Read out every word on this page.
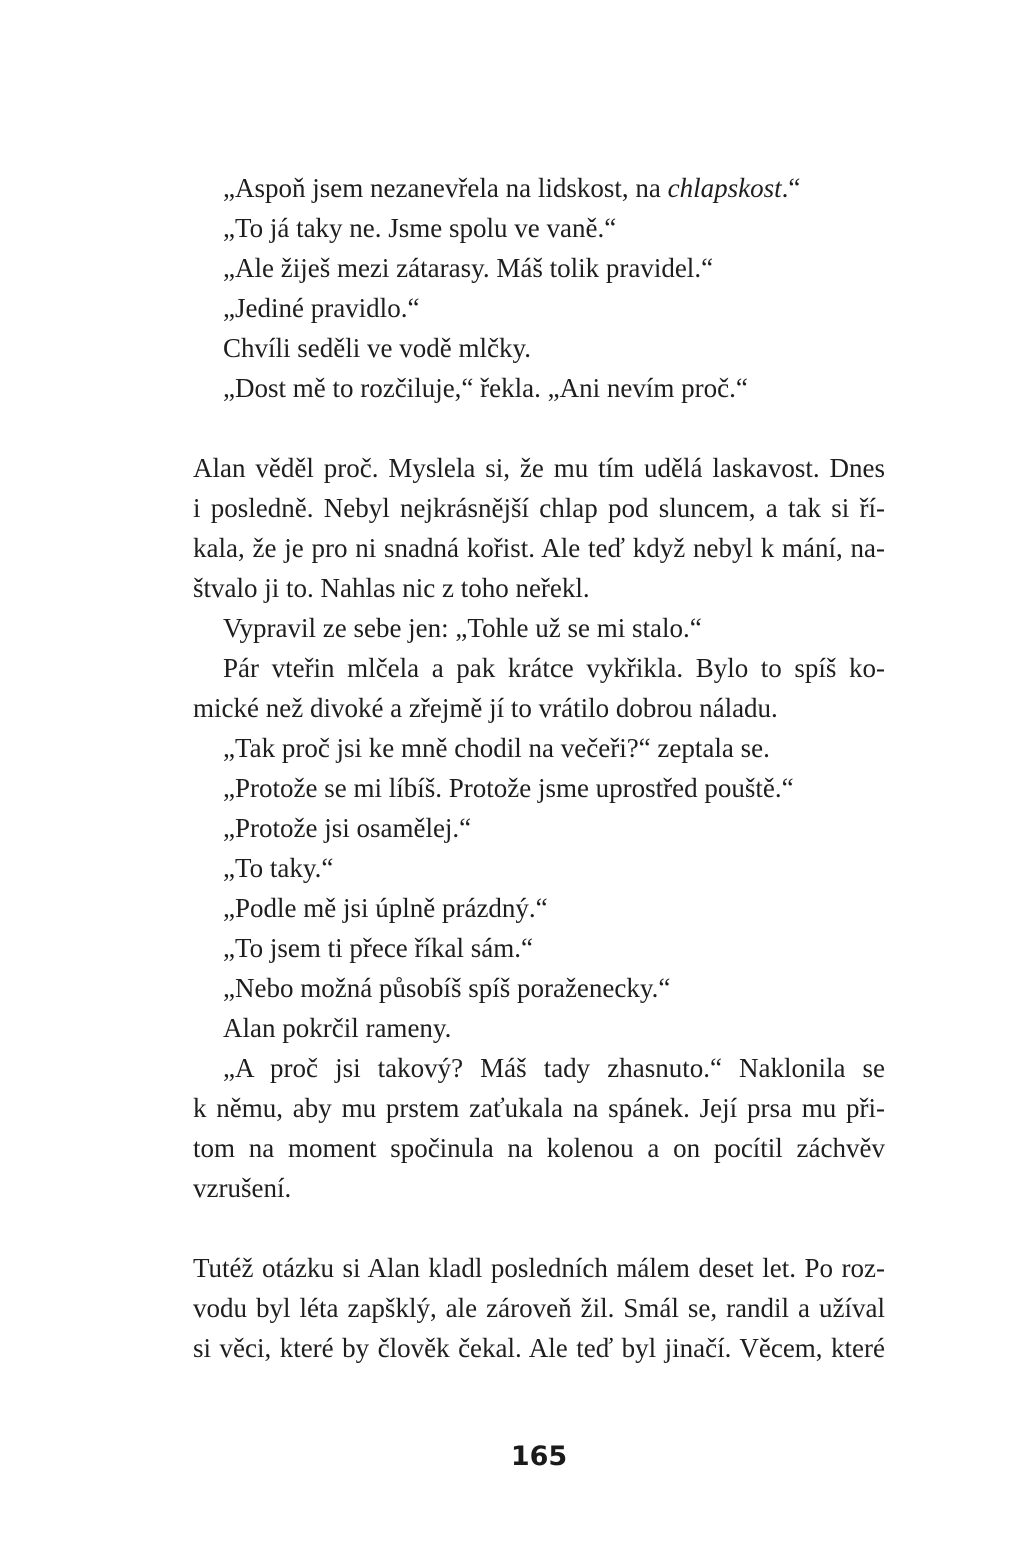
„Aspoň jsem nezanevřela na lidskost, na chlapskost.“
„To já taky ne. Jsme spolu ve vaně.“
„Ale žiješ mezi zátarasy. Máš tolik pravidel.“
„Jediné pravidlo.“
Chvíli seděli ve vodě mlčky.
„Dost mě to rozčiluje,“ řekla. „Ani nevím proč.“
Alan věděl proč. Myslela si, že mu tím udělá laskavost. Dnes
i posledně. Nebyl nejkrásnější chlap pod sluncem, a tak si ří-
kala, že je pro ni snadná kořist. Ale teď když nebyl k mání, na-
štvalo ji to. Nahlas nic z toho neřekl.
Vypravil ze sebe jen: „Tohle už se mi stalo.“
Pár vteřin mlčela a pak krátce vykřikla. Bylo to spíš ko-
mické než divoké a zřejmě jí to vrátilo dobrou náladu.
„Tak proč jsi ke mně chodil na večeři?“ zeptala se.
„Protože se mi líbíš. Protože jsme uprostřed pouště.“
„Protože jsi osamělej.“
„To taky.“
„Podle mě jsi úplně prázdný.“
„To jsem ti přece říkal sám.“
„Nebo možná působíš spíš poraženecky.“
Alan pokrčil rameny.
„A proč jsi takový? Máš tady zhasnuto.“ Naklonila se
k němu, aby mu prstem zaťukala na spánek. Její prsa mu při-
tom na moment spočinula na kolenou a on pocítil záchvěv
vzrušení.
Tutéž otázku si Alan kladl posledních málem deset let. Po roz-
vodu byl léta zapšklý, ale zároveň žil. Smál se, randil a užíval
si věci, které by člověk čekal. Ale teď byl jinačí. Věcem, které
165
